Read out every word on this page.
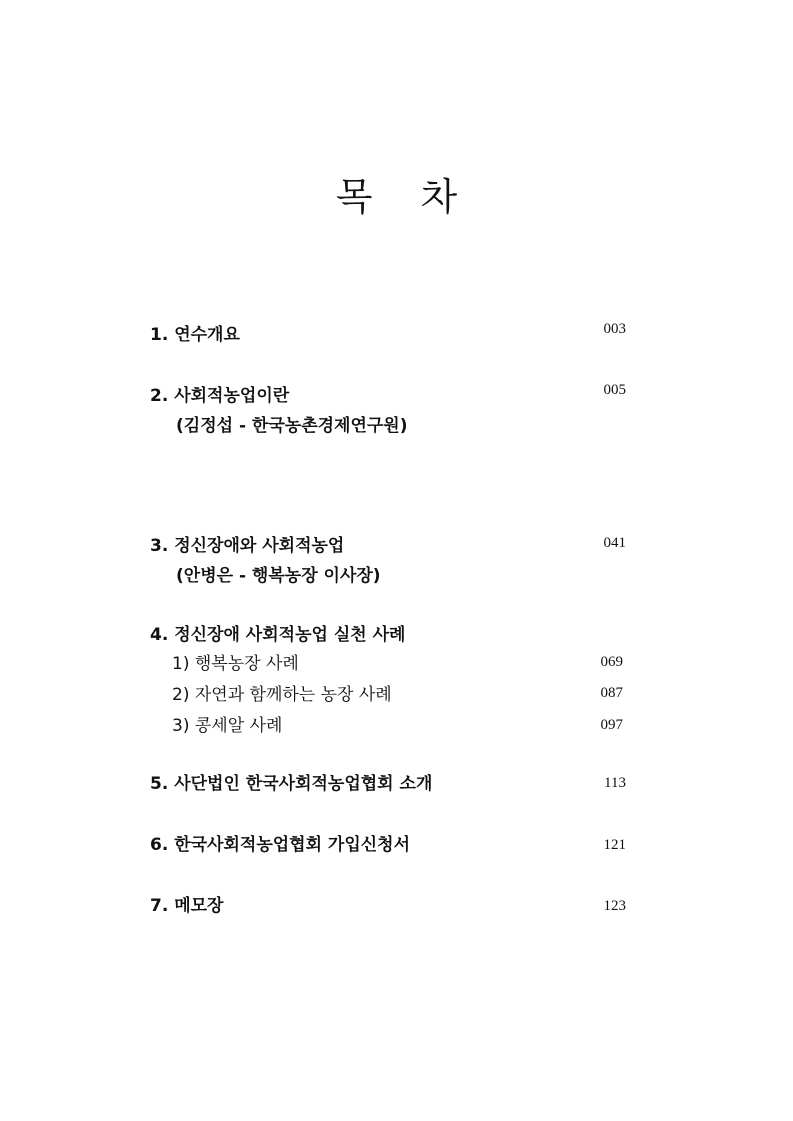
목 차
1. 연수개요	003
2. 사회적농업이란	005
(김정섭 - 한국농촌경제연구원)
3. 정신장애와 사회적농업	041
(안병은 - 행복농장 이사장)
4. 정신장애 사회적농업 실천 사례
1) 행복농장 사례	069
2) 자연과 함께하는 농장 사례	087
3) 콩세알 사례	097
5. 사단법인 한국사회적농업협회 소개	113
6. 한국사회적농업협회 가입신청서	121
7. 메모장	123
